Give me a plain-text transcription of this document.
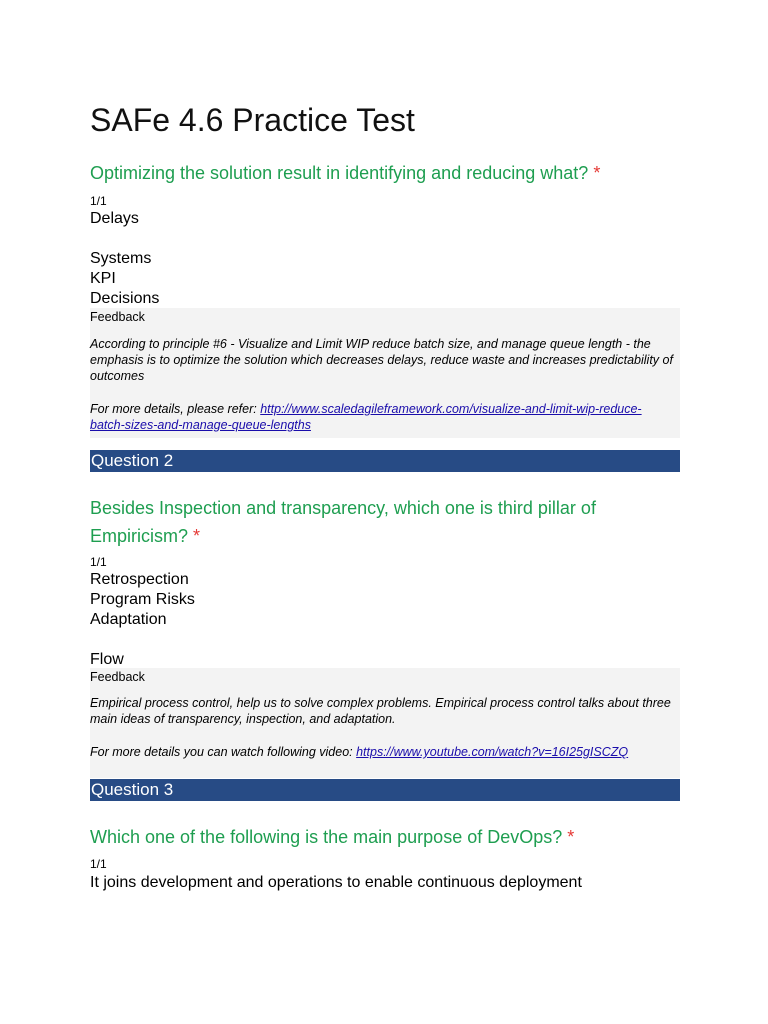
SAFe 4.6 Practice Test
Optimizing the solution result in identifying and reducing what? *
1/1
Delays
Systems
KPI
Decisions
Feedback
According to principle #6 - Visualize and Limit WIP reduce batch size, and manage queue length - the emphasis is to optimize the solution which decreases delays, reduce waste and increases predictability of outcomes
For more details, please refer: http://www.scaledagileframework.com/visualize-and-limit-wip-reduce-batch-sizes-and-manage-queue-lengths
Question 2
Besides Inspection and transparency, which one is third pillar of Empiricism? *
1/1
Retrospection
Program Risks
Adaptation
Flow
Feedback
Empirical process control, help us to solve complex problems. Empirical process control talks about three main ideas of transparency, inspection, and adaptation.
For more details you can watch following video: https://www.youtube.com/watch?v=16I25gISCZQ
Question 3
Which one of the following is the main purpose of DevOps? *
1/1
It joins development and operations to enable continuous deployment
